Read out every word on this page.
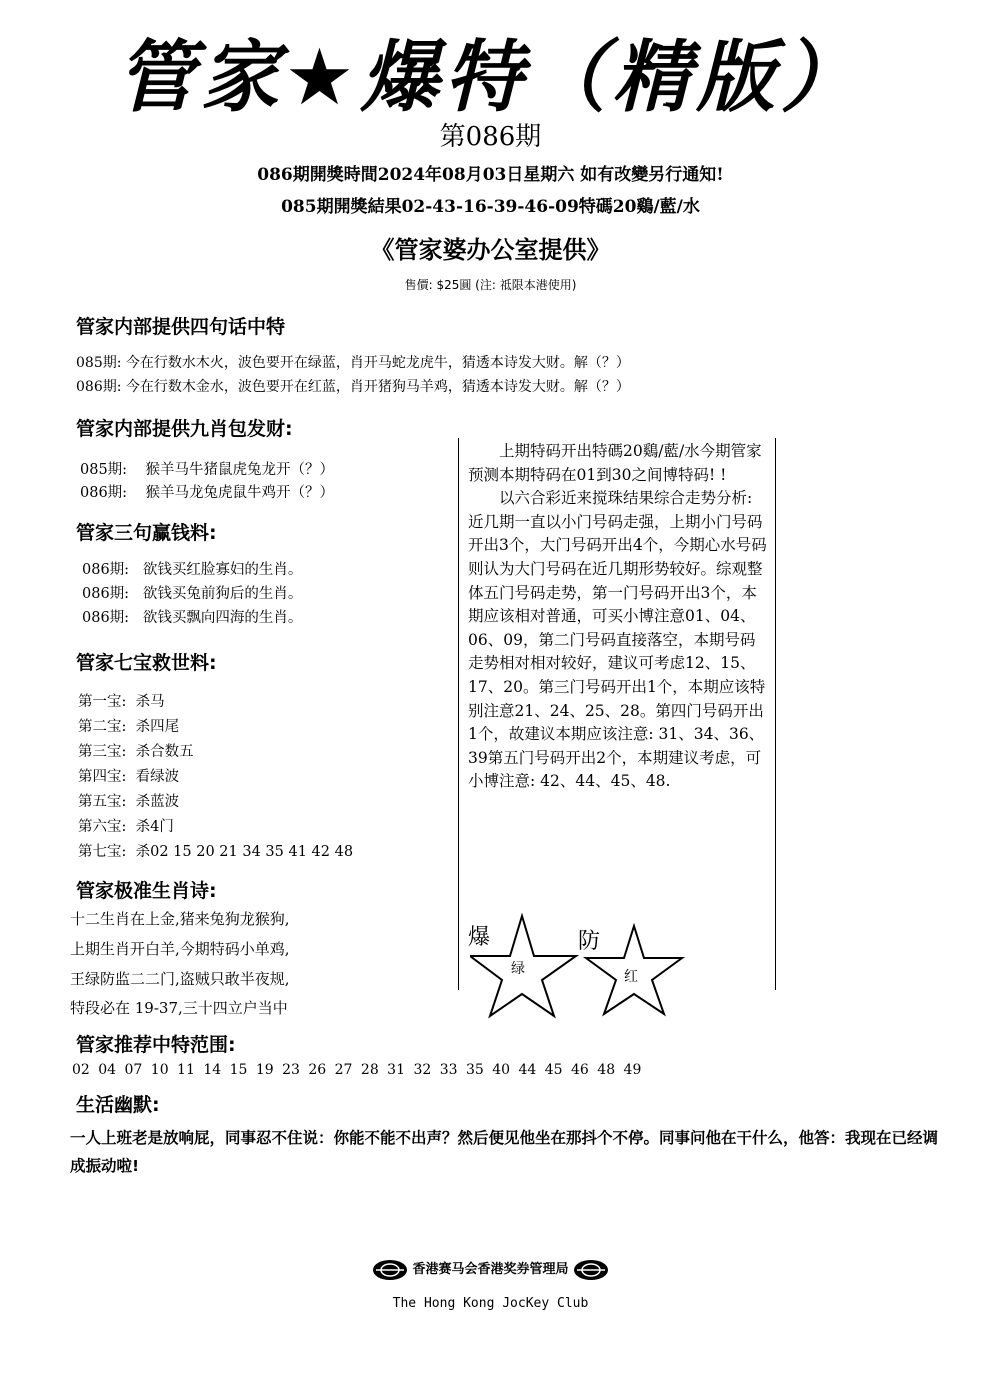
管家★爆特（精版）
第086期
086期開獎時間2024年08月03日星期六 如有改變另行通知!
085期開獎結果02-43-16-39-46-09特碼20鷄/藍/水
《管家婆办公室提供》
售價: $25圓 (注: 祗限本港使用)
管家内部提供四句话中特
085期: 今在行数水木火，波色要开在绿蓝，肖开马蛇龙虎牛，猜透本诗发大财。解（？）
086期: 今在行数木金水，波色要开在红蓝，肖开猪狗马羊鸡，猜透本诗发大财。解（？）
管家内部提供九肖包发财:
085期: 猴羊马牛猪鼠虎兔龙开（？）
086期: 猴羊马龙兔虎鼠牛鸡开（？）
管家三句赢钱料:
086期: 欲钱买红脸寡妇的生肖。
086期: 欲钱买兔前狗后的生肖。
086期: 欲钱买飘向四海的生肖。
管家七宝救世料:
第一宝: 杀马
第二宝: 杀四尾
第三宝: 杀合数五
第四宝: 看绿波
第五宝: 杀蓝波
第六宝: 杀4门
第七宝: 杀02 15 20 21 34 35 41 42 48
管家极准生肖诗:
十二生肖在上金,猪来兔狗龙猴狗,
上期生肖开白羊,今期特码小单鸡,
王绿防监二二门,盗贼只敢半夜规,
特段必在 19-37,三十四立户当中

上期特码开出特碼20鷄/藍/水今期管家预测本期特码在01到30之间博特码! !

以六合彩近来搅珠结果综合走势分析: 近几期一直以小门号码走强，上期小门号码开出3个，大门号码开出4个，今期心水号码则认为大门号码在近几期形势较好。综观整体五门号码走势，第一门号码开出3个，本期应该相对普通，可买小博注意01、04、06、09，第二门号码直接落空，本期号码走势相对相对较好，建议可考虑12、15、17、20。第三门号码开出1个，本期应该特别注意21、24、25、28。第四门号码开出1个，故建议本期应该注意: 31、34、36、39第五门号码开出2个，本期建议考虑，可小博注意: 42、44、45、48.

爆
绿
防
红
管家推荐中特范围:
02 04 07 10 11 14 15 19 23 26 27 28 31 32 33 35 40 44 45 46 48 49
生活幽默:
一人上班老是放响屁，同事忍不住说：你能不能不出声？然后便见他坐在那抖个不停。同事问他在干什么，他答：我现在已经调成振动啦!
香港赛马会香港奖券管理局
The Hong Kong JocKey Club
